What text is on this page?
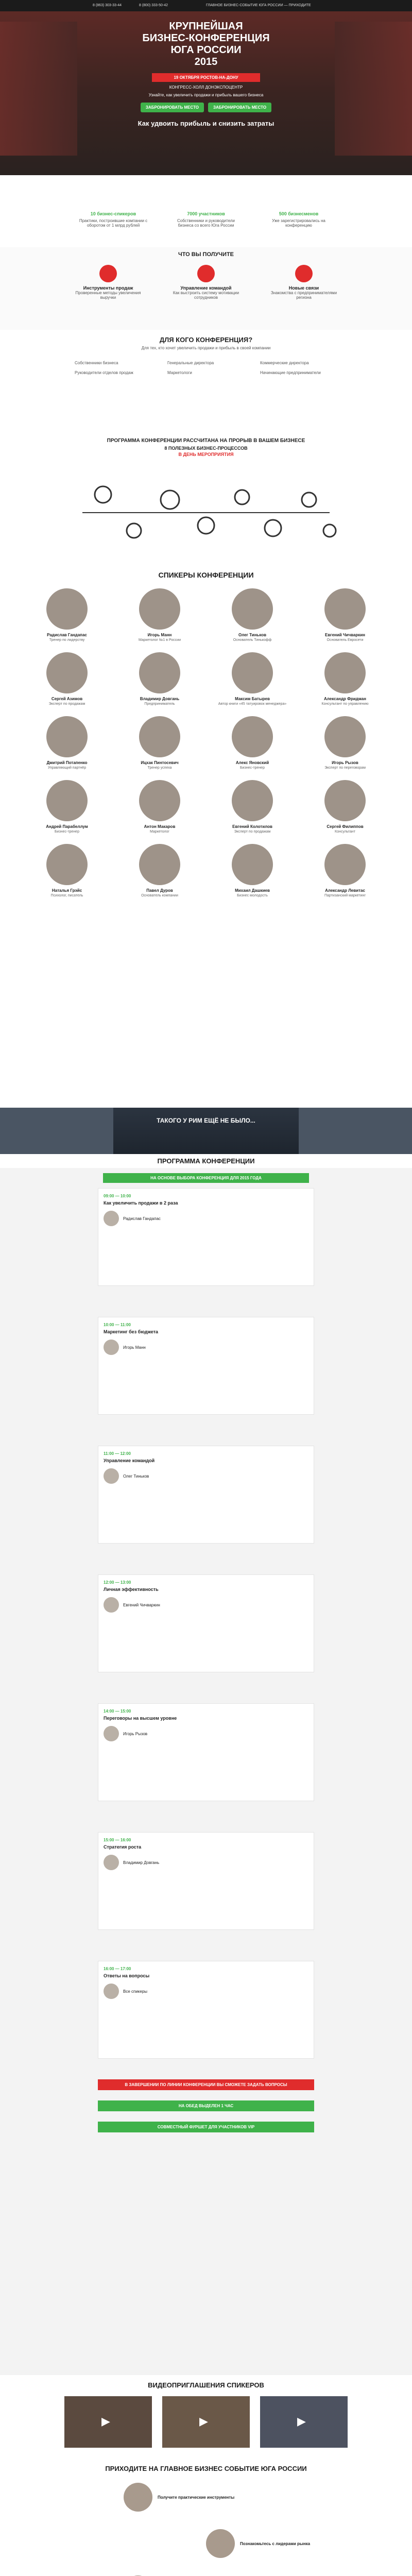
8 (863) 303-33-44	8 (800) 333-50-42	ГЛАВНОЕ БИЗНЕС-СОБЫТИЕ ЮГА РОССИИ — ПРИХОДИТЕ
КРУПНЕЙШАЯ
БИЗНЕС-КОНФЕРЕНЦИЯ
ЮГА РОССИИ
2015
19 ОКТЯБРЯ РОСТОВ-НА-ДОНУ
КОНГРЕСС-ХОЛЛ ДОНЭКСПОЦЕНТР
Узнайте, как увеличить продажи и прибыль вашего бизнеса
ЗАБРОНИРОВАТЬ МЕСТО	ЗАБРОНИРОВАТЬ МЕСТО
Как удвоить прибыль и снизить затраты
10 бизнес-спикеров
Практики, построившие компании с оборотом от 1 млрд рублей
7000 участников
Собственники и руководители бизнеса со всего Юга России
500 бизнесменов
Уже зарегистрировались на конференцию
ЧТО ВЫ ПОЛУЧИТЕ
Инструменты продаж
Проверенные методы увеличения выручки
Управление командой
Как выстроить систему мотивации сотрудников
Новые связи
Знакомства с предпринимателями региона
ДЛЯ КОГО КОНФЕРЕНЦИЯ?
Для тех, кто хочет увеличить продажи и прибыль в своей компании
Собственники бизнеса	Генеральные директора	Коммерческие директора
Руководители отделов продаж	Маркетологи	Начинающие предприниматели
ПРОГРАММА КОНФЕРЕНЦИИ РАССЧИТАНА НА ПРОРЫВ В ВАШЕМ БИЗНЕСЕ
8 ПОЛЕЗНЫХ БИЗНЕС-ПРОЦЕССОВ
В ДЕНЬ МЕРОПРИЯТИЯ
СПИКЕРЫ КОНФЕРЕНЦИИ
Радислав Гандапас
Тренер по лидерству
Игорь Манн
Маркетолог №1 в России
Олег Тиньков
Основатель Тинькофф
Евгений Чичваркин
Основатель Евросети
Сергей Азимов
Эксперт по продажам
Владимир Довгань
Предприниматель
Максим Батырев
Автор книги «45 татуировок менеджера»
Александр Фридман
Консультант по управлению
Дмитрий Потапенко
Управляющий партнёр
Ицхак Пинтосевич
Тренер успеха
Алекс Яновский
Бизнес-тренер
Игорь Рызов
Эксперт по переговорам
Андрей Парабеллум
Бизнес-тренер
Антон Макаров
Маркетолог
Евгений Колотилов
Эксперт по продажам
Сергей Филиппов
Консультант
Наталья Грэйс
Психолог, писатель
Павел Дуров
Основатель компании
Михаил Дашкиев
Бизнес молодость
Александр Левитас
Партизанский маркетинг
ТАКОГО У РИМ ЕЩЁ НЕ БЫЛО...
ПРОГРАММА КОНФЕРЕНЦИИ
НА ОСНОВЕ ВЫБОРА КОНФЕРЕНЦИЯ ДЛЯ 2015 ГОДА
09:00 — 10:00
Как увеличить продажи в 2 раза
Радислав Гандапас
10:00 — 11:00
Маркетинг без бюджета
Игорь Манн
11:00 — 12:00
Управление командой
Олег Тиньков
12:00 — 13:00
Личная эффективность
Евгений Чичваркин
14:00 — 15:00
Переговоры на высшем уровне
Игорь Рызов
15:00 — 16:00
Стратегия роста
Владимир Довгань
16:00 — 17:00
Ответы на вопросы
Все спикеры
В ЗАВЕРШЕНИИ ПО ЛИНИИ КОНФЕРЕНЦИИ ВЫ СМОЖЕТЕ ЗАДАТЬ ВОПРОСЫ
НА ОБЕД ВЫДЕЛЕН 1 ЧАС
СОВМЕСТНЫЙ ФУРШЕТ ДЛЯ УЧАСТНИКОВ VIP
ВИДЕОПРИГЛАШЕНИЯ СПИКЕРОВ
▶	▶	▶
ПРИХОДИТЕ НА ГЛАВНОЕ БИЗНЕС СОБЫТИЕ ЮГА РОССИИ
Получите практические инструменты
Познакомьтесь с лидерами рынка
